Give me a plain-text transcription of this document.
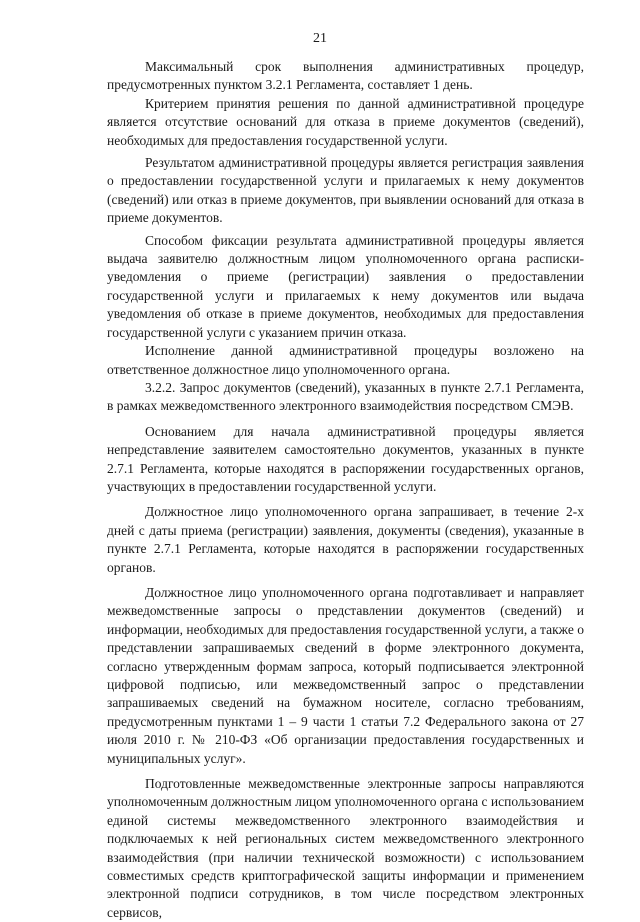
21

Максимальный срок выполнения административных процедур, предусмотренных пунктом 3.2.1 Регламента, составляет 1 день.

Критерием принятия решения по данной административной процедуре является отсутствие оснований для отказа в приеме документов (сведений), необходимых для предоставления государственной услуги.

Результатом административной процедуры является регистрация заявления о предоставлении государственной услуги и прилагаемых к нему документов (сведений) или отказ в приеме документов, при выявлении оснований для отказа в приеме документов.

Способом фиксации результата административной процедуры является выдача заявителю должностным лицом уполномоченного органа расписки-уведомления о приеме (регистрации) заявления о предоставлении государственной услуги и прилагаемых к нему документов или выдача уведомления об отказе в приеме документов, необходимых для предоставления государственной услуги с указанием причин отказа.

Исполнение данной административной процедуры возложено на ответственное должностное лицо уполномоченного органа.

3.2.2. Запрос документов (сведений), указанных в пункте 2.7.1 Регламента, в рамках межведомственного электронного взаимодействия посредством СМЭВ.

Основанием для начала административной процедуры является непредставление заявителем самостоятельно документов, указанных в пункте 2.7.1 Регламента, которые находятся в распоряжении государственных органов, участвующих в предоставлении государственной услуги.

Должностное лицо уполномоченного органа запрашивает, в течение 2-х дней с даты приема (регистрации) заявления, документы (сведения), указанные в пункте 2.7.1 Регламента, которые находятся в распоряжении государственных органов.

Должностное лицо уполномоченного органа подготавливает и направляет межведомственные запросы о представлении документов (сведений) и информации, необходимых для предоставления государственной услуги, а также о представлении запрашиваемых сведений в форме электронного документа, согласно утвержденным формам запроса, который подписывается электронной цифровой подписью, или межведомственный запрос о представлении запрашиваемых сведений на бумажном носителе, согласно требованиям, предусмотренным пунктами 1 – 9 части 1 статьи 7.2 Федерального закона от 27 июля 2010 г. № 210-ФЗ «Об организации предоставления государственных и муниципальных услуг».

Подготовленные межведомственные электронные запросы направляются уполномоченным должностным лицом уполномоченного органа с использованием единой системы межведомственного электронного взаимодействия и подключаемых к ней региональных систем межведомственного электронного взаимодействия (при наличии технической возможности) с использованием совместимых средств криптографической защиты информации и применением электронной подписи сотрудников, в том числе посредством электронных сервисов,
